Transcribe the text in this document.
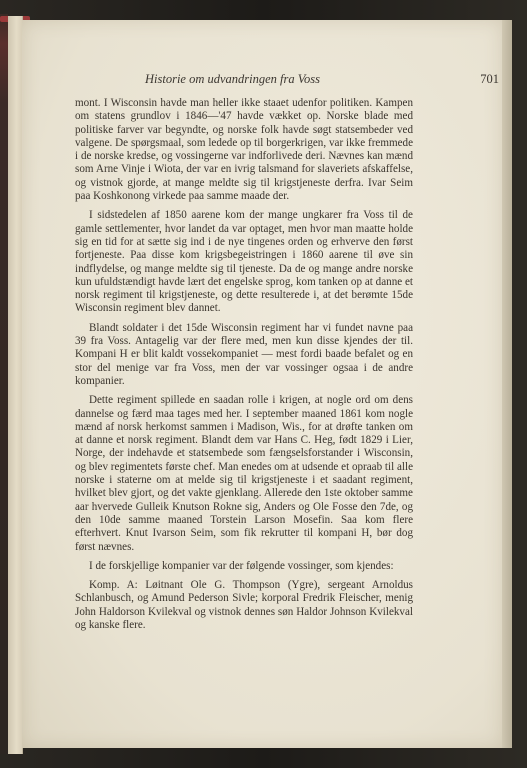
Historie om udvandringen fra Voss	701

mont. I Wisconsin havde man heller ikke staaet udenfor politiken. Kampen om statens grundlov i 1846—'47 havde vækket op. Norske blade med politiske farver var begyndte, og norske folk havde søgt statsembeder ved valgene. De spørgsmaal, som ledede op til borgerkrigen, var ikke fremmede i de norske kredse, og vossingerne var indforlivede deri. Nævnes kan mænd som Arne Vinje i Wiota, der var en ivrig talsmand for slaveriets afskaffelse, og vistnok gjorde, at mange meldte sig til krigstjeneste derfra. Ivar Seim paa Koshkonong virkede paa samme maade der.

I sidstedelen af 1850 aarene kom der mange ungkarer fra Voss til de gamle settlementer, hvor landet da var optaget, men hvor man maatte holde sig en tid for at sætte sig ind i de nye tingenes orden og erhverve den først fortjeneste. Paa disse kom krigsbegeistringen i 1860 aarene til øve sin indflydelse, og mange meldte sig til tjeneste. Da de og mange andre norske kun ufuldstændigt havde lært det engelske sprog, kom tanken op at danne et norsk regiment til krigstjeneste, og dette resulterede i, at det berømte 15de Wisconsin regiment blev dannet.

Blandt soldater i det 15de Wisconsin regiment har vi fundet navne paa 39 fra Voss. Antagelig var der flere med, men kun disse kjendes der til. Kompani H er blit kaldt vossekompaniet — mest fordi baade befalet og en stor del menige var fra Voss, men der var vossinger ogsaa i de andre kompanier.

Dette regiment spillede en saadan rolle i krigen, at nogle ord om dens dannelse og færd maa tages med her. I september maaned 1861 kom nogle mænd af norsk herkomst sammen i Madison, Wis., for at drøfte tanken om at danne et norsk regiment. Blandt dem var Hans C. Heg, født 1829 i Lier, Norge, der indehavde et statsembede som fængselsforstander i Wisconsin, og blev regimentets første chef. Man enedes om at udsende et opraab til alle norske i staterne om at melde sig til krigstjeneste i et saadant regiment, hvilket blev gjort, og det vakte gjenklang. Allerede den 1ste oktober samme aar hvervede Gulleik Knutson Rokne sig, Anders og Ole Fosse den 7de, og den 10de samme maaned Torstein Larson Mosefin. Saa kom flere efterhvert. Knut Ivarson Seim, som fik rekrutter til kompani H, bør dog først nævnes.

I de forskjellige kompanier var der følgende vossinger, som kjendes:

Komp. A: Løitnant Ole G. Thompson (Ygre), sergeant Arnoldus Schlanbusch, og Amund Pederson Sivle; korporal Fredrik Fleischer, menig John Haldorson Kvilekval og vistnok dennes søn Haldor Johnson Kvilekval og kanske flere.
